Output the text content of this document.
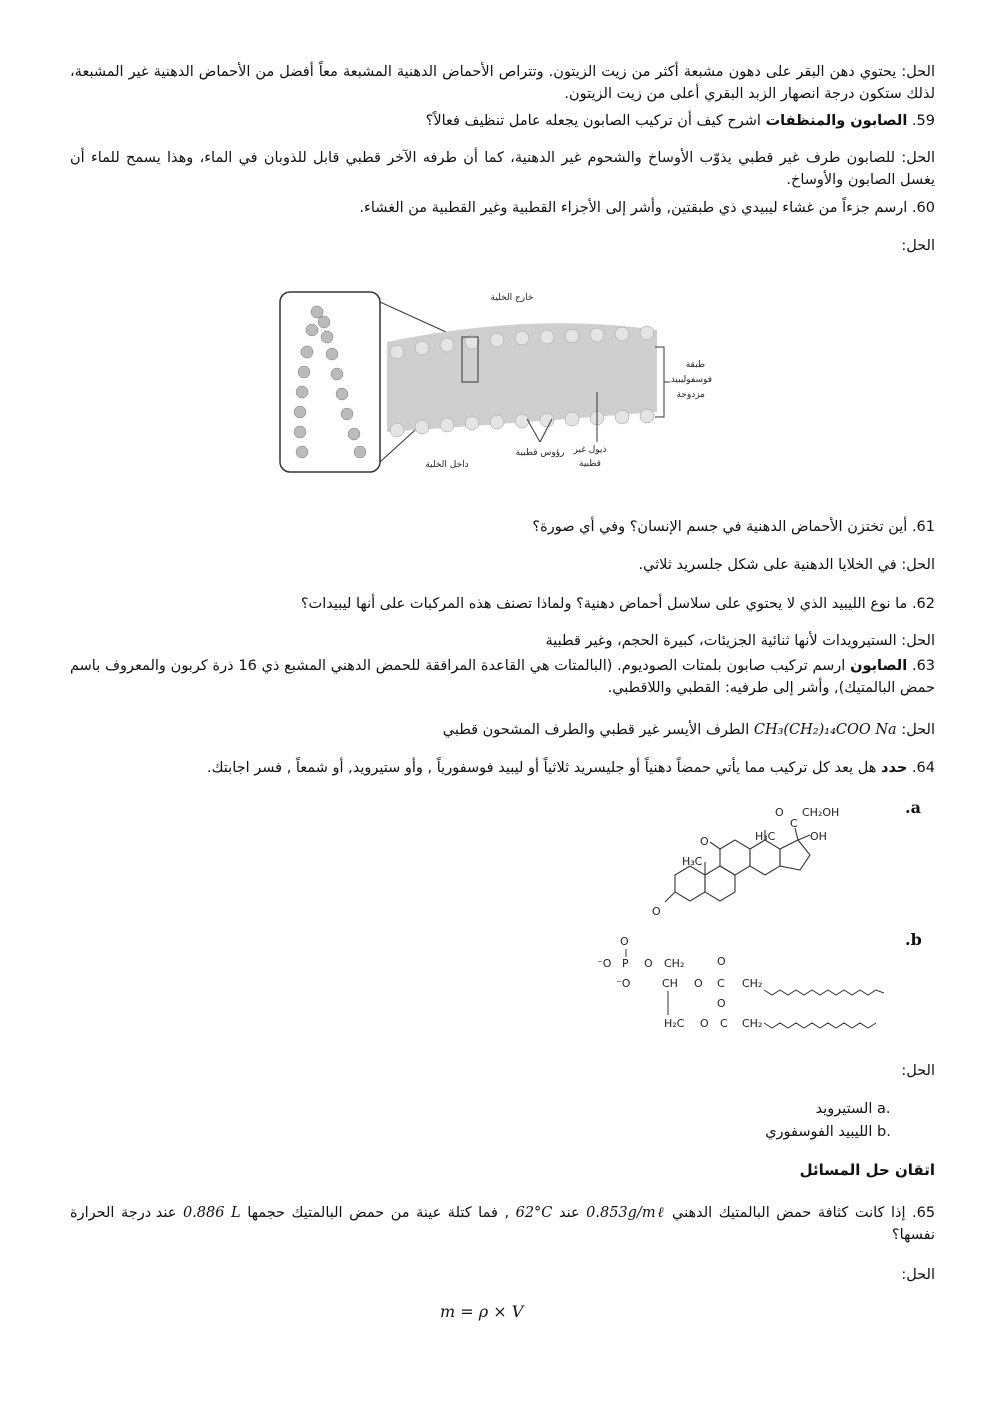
الحل: يحتوي دهن البقر على دهون مشبعة أكثر من زيت الزيتون. وتتراص الأحماض الدهنية المشبعة معاً أفضل من الأحماض الدهنية غير المشبعة، لذلك ستكون درجة انصهار الزبد البقري أعلى من زيت الزيتون.
59. الصابون والمنظفات اشرح كيف أن تركيب الصابون يجعله عامل تنظيف فعالاً؟
الحل: للصابون طرف غير قطبي يذوّب الأوساخ والشحوم غير الدهنية، كما أن طرفه الآخر قطبي قابل للذوبان في الماء، وهذا يسمح للماء أن يغسل الصابون والأوساخ.
60. ارسم جزءاً من غشاء ليبيدي ذي طبقتين, وأشر إلى الأجزاء القطبية وغير القطبية من الغشاء.
الحل:
خارج الخلية
داخل الخلية
طبقة
فوسفوليبيد
مزدوجة
رؤوس قطبية ذيول غير
قطبية
61. أين تختزن الأحماض الدهنية في جسم الإنسان؟ وفي أي صورة؟
الحل: في الخلايا الدهنية على شكل جلسريد ثلاثي.
62. ما نوع الليبيد الذي لا يحتوي على سلاسل أحماض دهنية؟ ولماذا تصنف هذه المركبات على أنها ليبيدات؟
الحل: الستيرويدات لأنها ثنائية الجزيئات، كبيرة الحجم، وغير قطبية
63. الصابون ارسم تركيب صابون بلمتات الصوديوم. (البالمتات هي القاعدة المرافقة للحمض الدهني المشبع ذي 16 ذرة كربون والمعروف باسم حمض البالمتيك), وأشر إلى طرفيه: القطبي واللاقطبي.
الحل: CH₃(CH₂)₁₄COO Na الطرف الأيسر غير قطبي والطرف المشحون قطبي
64. حدد هل يعد كل تركيب مما يأتي حمضاً دهنياً أو جليسريد ثلاثياً أو ليبيد فوسفورياً , وأو ستيرويد, أو شمعاً , فسر اجابتك.
.a
O
H₃C
O	H₃C
C
OH
O CH₂OH
.b
O
⁻O P O CH₂
⁻O	CH O
O
C CH₂
O
H₂C O C CH₂
الحل:
a. الستيرويد
b. الليبيد الفوسفوري
اتقان حل المسائل
65. إذا كانت كثافة حمض البالمتيك الدهني 0.853g/mℓ عند 62°C , فما كتلة عينة من حمض البالمتيك حجمها 0.886 L عند درجة الحرارة نفسها؟
الحل:
m = ρ × V
